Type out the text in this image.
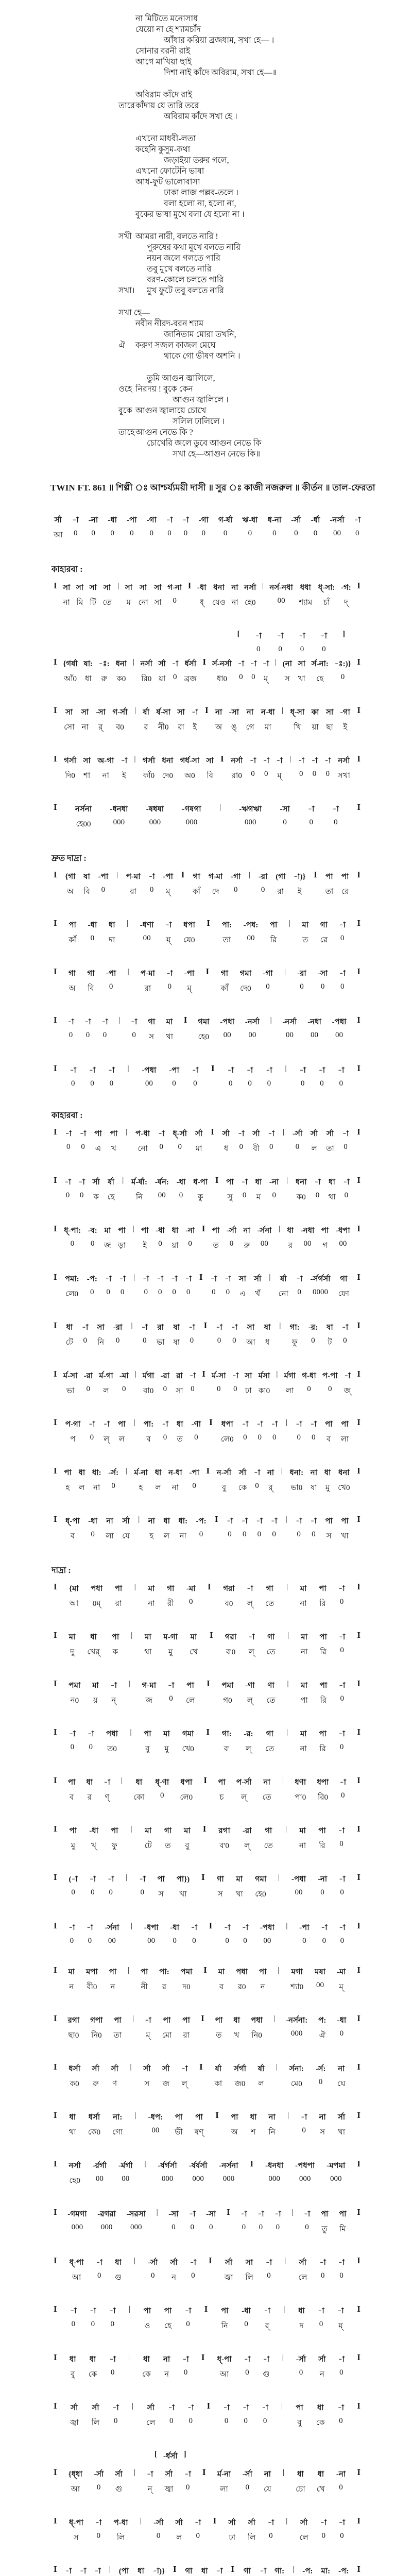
না মিটিতে মনোসাধ
যেয়ো না হে শ্যামচাঁদ
আঁধার করিয়া ব্রজধাম, সখা হে— ।
সোনার বরনী রাই
আগে মাখিয়া ছাই
দিশা নাই কাঁদে অবিরাম, সখা হে—॥
অবিরাম কাঁদে রাই
তারে কাঁদায় যে তারি তরে
অবিরাম কাঁদে সখা হে ।
এখনো মাধবী-লতা
কহেনি কুসুম-কথা
জড়াইয়া তরুর গলে,
এখনো ফোটেনি ভাষা
আধ-ফুট ভালোবাসা
ঢাকা লাজ পল্লব-তলে ।
বলা হলো না, হলো না,
বুকের ভাষা মুখে বলা যে হলো না ।
সখী আমরা নারী, বলতে নারি !
পুরুষের কথা মুখে বলতে নারি
নয়ন জলে গলতে পারি
তবু মুখে বলতে নারি
বরণ-কোলে চলতে পারি
সখা। মুখ ফুটে তবু বলতে নারি
সখা হে—
নবীন নীরদ-বরন শ্যাম
জানিতাম মোরা তখনি,
ঐ করুণ সজল কাজল মেঘে
থাকে গো ভীষণ অশনি ।
তুমি আগুন জ্বালিলে,
ওহে নিরদয় ! বুকে কেন
আগুন জ্বালিলে ।
বুকে আগুন জ্বালায়ে চোখে
সলিল ঢালিলে ।
তাহে আগুন নেভে কি ?
চোখেরি জলে ডুবে আগুন নেভে কি
সখা হে—আগুন নেভে কি॥
TWIN FT. 861 ॥ শিল্পী ঃ আশ্চর্য্যময়ী দাসী ॥ সুর ঃ কাজী নজরুল ॥ কীর্তন ॥ তাল-ফেরতা
র্সা
আ
-া
0
-না
0
-ধা
0
-পা
0
-গা
0
-া
0
-া
0
-গা
0
গ-র্ষা
0
ঋ-ধা
0
ধ-না
0
-র্সা
0
-র্ধা
0
-নর্সা
00
-া
0
কাহারবা :
I সা
না
সা
মি
সা
টি
সা
তে
| সা
ম
সা
নো
সা
সা
গ-না
0
I -ধা
ধ্
ধনা
যেও
না
না
নর্সা
হে0
| নর্স-নধা
00
ধধা
শ্যাম
ধ্-সা:
চাঁ
-গ:
দ্
I
[ -া
0
-া
0
-া
0
-া
0
]
I {গর্ষা
আঁ0
ষা:
ধা
-ঃ:
রু
ধনা
ক0
| নর্সা
রি0
র্সা
য়া
-া
0
র্ধর্সা
ব্রজ
I র্স-নর্সা
ধা0
-া
0
-া
0
-া
ম্
| (না
স
সা
খা
র্স-না:
হে
-ঃ:)}
0
I
I সা
সো
সা
না
-সা
র্
গ-র্সা
ব0
| র্ষা
র
র্ষ-সা
নী0
সা
রা
-া
ই
I না
অ
-সা
ঙ্
না
গে
ন-ধা
মা
| ধ্-সা
খি
কা
য়া
সা
ছা
-গা
ই
I
I গর্সা
দি0
সা
শা
অ-গা
না
-া
ই
| গর্সা
কাঁ0
ধনা
দে0
গর্ধ-সা
অ0
সা
বি
I নর্সা
রা0
-া
0
-া
0
-া
ম্
| -া
0
-া
0
-া
0
নর্সা
সখা
I
I নর্সনা
হে00
-ধনধা
000
-ষধষা
000
-গষগা
000
| -ঋগঋা
000
-সা
0
-া
0
-া
0
I
দ্রুত দাদ্রা :
I {গা
অ
ষা
বি
-পা
0
| প-মা
রা
-া
0
-পা
ম্
I গা
কাঁ
গ-মা
দে
-গা
0
| -রা
0
(গা
রা
-া)}
ই
I পা
তা
পা
রে
I
I পা
কাঁ
-ধা
0
ধা
দা
| -ধণা
00
-া
য়্
ধপা
যে0
I পা:
তা
-পধ:
00
পা
রি
| মা
ত
গা
রে
-া
0
I
I গা
অ
গা
বি
-পা
0
| প-মা
রা
-া
0
-পা
ম্
I গা
কাঁ
গমা
দে0
-গা
0
| -রা
0
-সা
0
-া
0
I
I -া
0
-া
0
-া
0
| -া
0
গা
স
মা
খা
I গমা
হে0
-পধা
00
-নর্সা
00
| -নর্সা
00
-নধা
00
-পধা
00
I
I -া
0
-া
0
-া
0
| -পধা
00
-পা
0
-া
0
I -া
0
-া
0
-া
0
| -া
0
-া
0
-া
0
I
কাহারবা :
I -া
0
-া
0
পা
এ
পা
খ
| প-ধা
নো
-া
0
ধ্-র্সা
0
র্সা
মা
I র্সা
ধ
-া
0
র্সা
বী
-া
0
| -র্সা
0
র্সা
ল
র্সা
তা
-া
0
I
I -া
0
-া
0
র্সা
ক
র্ষা
হে
| র্ম-র্ষা:
নি
-র্ষন:
00
-ধা
0
ধ-পা
কু
I পা
সু
-া
0
ধা
ম
-না
0
| ধনা
ক0
-া
0
ধা
থা
-া
0
I
I ধ্-পা:
0
-ব:
0
মা
জ
পা
ড়া
| পা
ই
-ধা
0
ধা
য়া
-না
0
I পা
ত
-র্সা
0
না
রু
-র্সনা
00
| ধা
র
-নধা
00
পা
গ
-ধপা
00
I
I পমা:
লে0
-প:
0
-া
0
-া
0
| -া
0
-া
0
-া
0
-া
0
I -া
0
-া
0
সা
এ
র্সা
খঁ
| র্ষা
নো
-া
0
-র্সর্গর্সা
0000
গা
ফো
I
I ধা
টে
-া
0
সা
নি
-রা
0
| -া
0
রা
ভা
ষা
ষা
-া
0
I -া
0
-া
0
সা
আ
ষা
ধ
| গা:
ফু
-র:
0
ষা
ট
-া
0
I
I র্ম-সা
ভা
-রা
0
র্ম-গা
ল
-মা
0
| র্মগা
বা0
-রা
0
রা
সা
-া
0
I র্ম-সা
0
-া
0
সা
ঢা
র্মসা
কা0
| র্মগা
লা
গ-ধা
0
প-পা
0
-া
জ্
I
I প-গা
প
-া
0
-া
ল্
পা
ল
| পা:
ব
-া
0
ধা
ত
-ণা
0
I ধপা
লে0
-া
0
-া
0
-া
0
| -া
0
-া
0
পা
ব
পা
লা
I
I পা
হ
ধা
ল
ধা:
না
-র্স:
0
| র্ম-না
হ
ধা
ল
ন-ধা
না
-পা
0
I ন-র্সা
বু
র্সা
কে
-া
0
না
র্
| ধনা:
ভা0
না
ষা
ধা
মু
ধনা
খে0
I
I ধ্-পা
ব
-ধা
0
না
লা
র্সা
যে
| না
হ
ধা
ল
ধা:
না
-প:
0
I -া
0
-া
0
-া
0
-া
0
| -া
0
-া
0
পা
স
পা
খা
I
দাদ্রা :
I {মা
আ
পধা
0ম্
পা
রা
| মা
না
গা
রী
-মা
0
I গরা
ব0
-া
ল্
গা
তে
| মা
না
পা
রি
-া
0
I
I মা
দু
ধা
খের্
পা
ক
| মা
থা
ম-গা
মু
মা
খে
I গরা
ব'0
-া
ল্
গা
তে
| মা
না
পা
রি
-া
0
I
I পমা
ন0
মা
য়
-া
ন্
| গ-মা
জ
-া
0
পা
লে
I পমা
গ0
-ণা
ল্
ণা
তে
| মা
পা
পা
রি
-া
0
I
I -া
0
-া
0
পধা
ত0
| পা
বু
মা
মু
গমা
খে0
I গা:
ব'
-র:
ল্
গা
তে
| মা
না
পা
রি
-া
0
I
I পা
ব
ধা
র
-া
ণ্
| ধা
কো
ধ্-ণা
0
ধপা
লে0
I পা
চ
প-র্সা
ল্
না
তে
| ধণা
পা0
ধপা
রি0
-া
0
I
I পা
মু
-ধা
খ্
পা
ফু
| মা
টে
গা
ত
মা
বু
I রগা
ব'0
-রা
ল্
গা
তে
| মা
না
পা
রি
-া
0
I
I (-া
0
-া
0
-া
0
| -া
0
পা
স
পা})
খা
I গা
স
মা
খা
গমা
হে0
| -পধা
00
-না
0
-া
0
I
I -া
0
-া
0
-র্সনা
00
| -ধপা
00
-ধা
0
-া
0
I -া
0
-া
0
-পধা
00
| -পা
0
-া
0
-া
0
I
I মা
ন
মপা
বী0
পা
ন
| পা
নী
পা:
র
পমা
দ0
I মা
ব
পধা
র0
পা
ন
| মগা
শ্যা0
মষা
00
-মা
ম্
I
I রগা
ছা0
গপা
নি0
পা
তা
| -া
ম্
পা
মো
পা
রা
I পা
ত
ধা
খ
পধা
নি0
| -নর্সনা:
000
প:
ঐ
-ধা
0
I
I ধর্সা
ক0
র্সা
রু
র্সা
ণ
| র্সা
স
র্সা
জ
-া
ল্
I র্ষা
কা
র্সর্গা
জ0
র্ষা
ল
| র্সনা:
মে0
-র্স:
0
না
ঘে
I
I ধা
থা
ধর্সা
কে0
না:
গো
| -ধপ:
00
পা
ভী
পা
ষণ্
I পা
অ
ধা
শ
না
নি
| -া
0
না
স
র্সা
খা
I
I নর্সা
হে0
-র্রর্গা
00
-র্মর্গা
00
| -র্ষর্গর্সা
000
-র্ষর্ষর্সা
000
-নর্সনা
000
I -ধনধা
000
-পধপা
000
-মপমা
000
I
I -গমগা
000
-রগরা
000
-সরসা
000
| -সা
0
-া
0
-সা
0
I -া
0
-া
0
-া
0
| -া
0
পা
তু
পা
মি
I
I ধ্-পা
আ
-া
0
ধা
গু
| -র্সা
0
র্সা
ন
-া
0
I র্সা
জ্বা
সা
লি
-া
0
| র্সা
লে
-া
0
-া
0
I
I -া
0
-া
0
-া
0
| পা
ও
পা
হে
-া
0
I পা
নি
-ধা
0
-া
র্
| ধা
দ
-া
0
-া
য়্
I
I ধা
বু
ধা
কে
-া
0
| ধা
কে
না
ন
-া
0
I ধ্-পা
আ
-া
0
-া
গু
| -র্সা
0
র্সা
ন
-া
0
I
I র্সা
জ্বা
র্সা
লি
-া
0
| র্সা
লে
-া
0
-া
0
I -া
0
-া
0
-া
0
| পা
বু
ধা
কে
-া
0
I
[ -র্ধর্সা ]
I {ধ্ধা
আ
-র্সা
0
র্সা
গু
| -া
ন্
র্সা
জ্বা
-া
0
I র্ম-না
লা
-র্সা
0
না
যে
| ধা
চো
ধা
খে
-না
0
I
I ধ্-পা
স
-া
0
প-ধা
লি
| -র্সা
0
র্সা
ল
-া
0
I র্সা
ঢা
র্সা
লি
-া
0
| র্সা
লে
-া
0
-া
0
I
I -া -া -া | (পা ধা -া)} I গা ধা -া I গা -া গা: | -প: মা: -প: I
